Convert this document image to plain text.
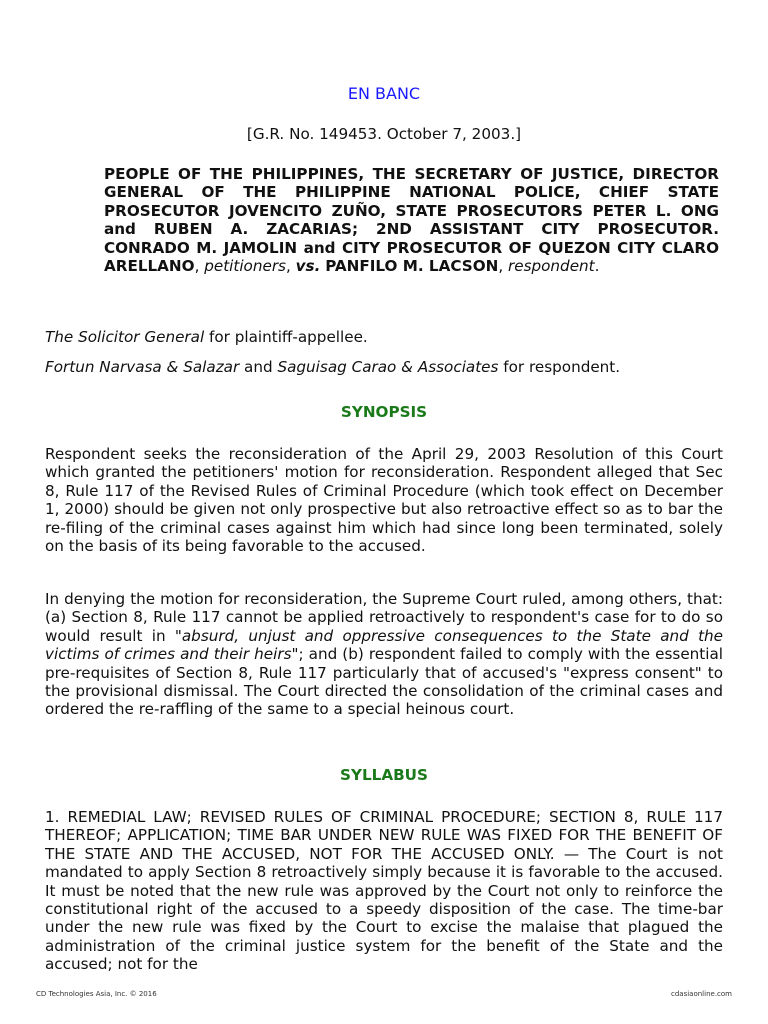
EN BANC
[G.R. No. 149453. October 7, 2003.]
PEOPLE OF THE PHILIPPINES, THE SECRETARY OF JUSTICE, DIRECTOR GENERAL OF THE PHILIPPINE NATIONAL POLICE, CHIEF STATE PROSECUTOR JOVENCITO ZUÑO, STATE PROSECUTORS PETER L. ONG and RUBEN A. ZACARIAS; 2ND ASSISTANT CITY PROSECUTOR. CONRADO M. JAMOLIN and CITY PROSECUTOR OF QUEZON CITY CLARO ARELLANO, petitioners, vs. PANFILO M. LACSON, respondent.
The Solicitor General for plaintiff-appellee.
Fortun Narvasa & Salazar and Saguisag Carao & Associates for respondent.
SYNOPSIS
Respondent seeks the reconsideration of the April 29, 2003 Resolution of this Court which granted the petitioners' motion for reconsideration. Respondent alleged that Sec 8, Rule 117 of the Revised Rules of Criminal Procedure (which took effect on December 1, 2000) should be given not only prospective but also retroactive effect so as to bar the re-filing of the criminal cases against him which had since long been terminated, solely on the basis of its being favorable to the accused.
In denying the motion for reconsideration, the Supreme Court ruled, among others, that: (a) Section 8, Rule 117 cannot be applied retroactively to respondent's case for to do so would result in "absurd, unjust and oppressive consequences to the State and the victims of crimes and their heirs"; and (b) respondent failed to comply with the essential pre-requisites of Section 8, Rule 117 particularly that of accused's "express consent" to the provisional dismissal. The Court directed the consolidation of the criminal cases and ordered the re-raffling of the same to a special heinous court.
SYLLABUS
1. REMEDIAL LAW; REVISED RULES OF CRIMINAL PROCEDURE; SECTION 8, RULE 117 THEREOF; APPLICATION; TIME BAR UNDER NEW RULE WAS FIXED FOR THE BENEFIT OF THE STATE AND THE ACCUSED, NOT FOR THE ACCUSED ONLY. — The Court is not mandated to apply Section 8 retroactively simply because it is favorable to the accused. It must be noted that the new rule was approved by the Court not only to reinforce the constitutional right of the accused to a speedy disposition of the case. The time-bar under the new rule was fixed by the Court to excise the malaise that plagued the administration of the criminal justice system for the benefit of the State and the accused; not for the
CD Technologies Asia, Inc. © 2016	cdasiaonline.com
